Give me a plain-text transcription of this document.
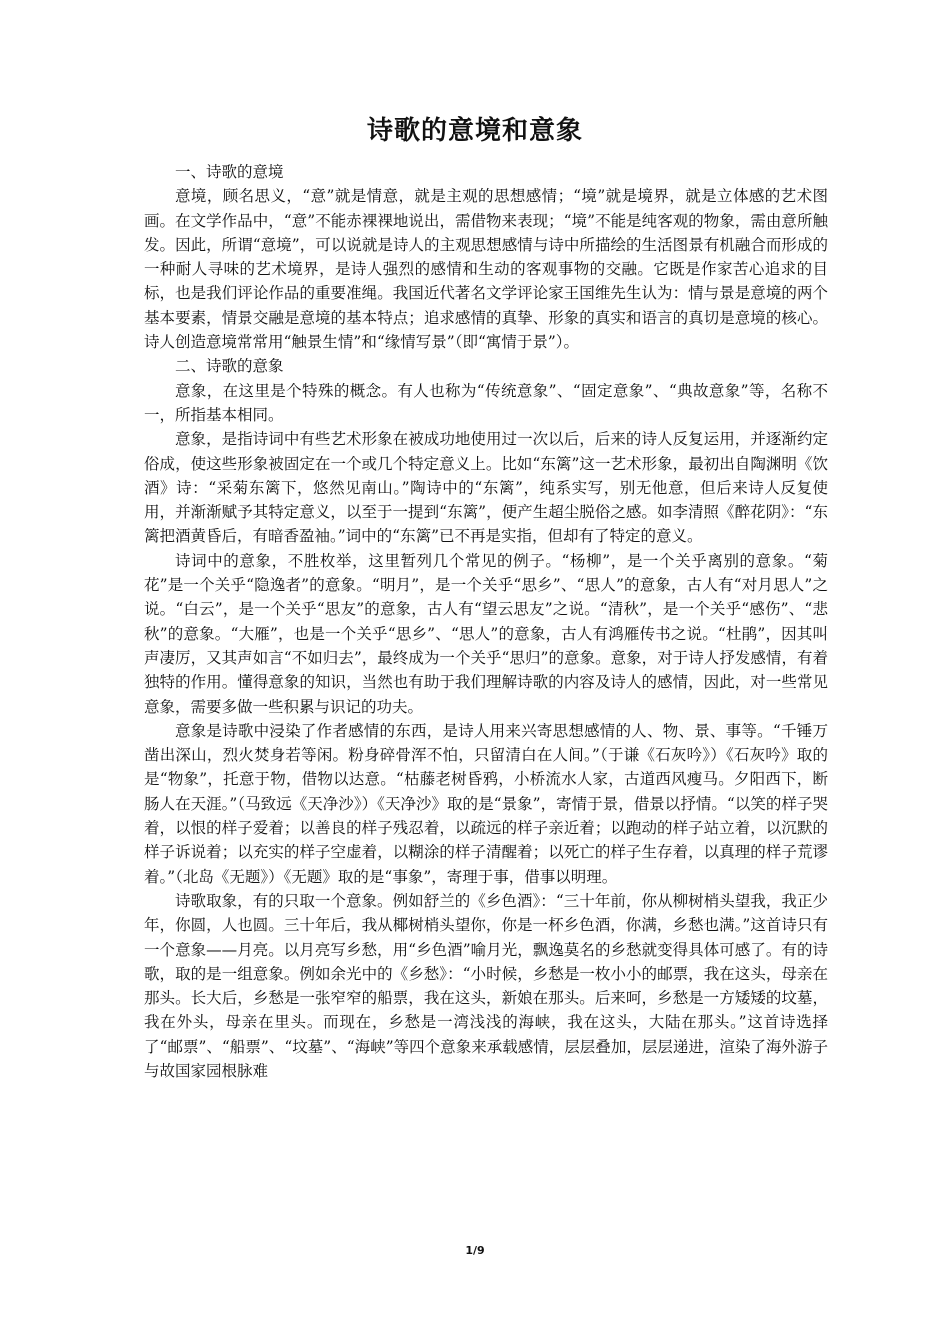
诗歌的意境和意象

一、诗歌的意境

意境，顾名思义，“意”就是情意，就是主观的思想感情；“境”就是境界，就是立体感的艺术图画。在文学作品中，“意”不能赤裸裸地说出，需借物来表现；“境”不能是纯客观的物象，需由意所触发。因此，所谓“意境”，可以说就是诗人的主观思想感情与诗中所描绘的生活图景有机融合而形成的一种耐人寻味的艺术境界，是诗人强烈的感情和生动的客观事物的交融。它既是作家苦心追求的目标，也是我们评论作品的重要准绳。我国近代著名文学评论家王国维先生认为：情与景是意境的两个基本要素，情景交融是意境的基本特点；追求感情的真挚、形象的真实和语言的真切是意境的核心。诗人创造意境常常用“触景生情”和“缘情写景”（即“寓情于景”）。

二、诗歌的意象

意象，在这里是个特殊的概念。有人也称为“传统意象”、“固定意象”、“典故意象”等，名称不一，所指基本相同。

意象，是指诗词中有些艺术形象在被成功地使用过一次以后，后来的诗人反复运用，并逐渐约定俗成，使这些形象被固定在一个或几个特定意义上。比如“东篱”这一艺术形象，最初出自陶渊明《饮酒》诗：“采菊东篱下，悠然见南山。”陶诗中的“东篱”，纯系实写，别无他意，但后来诗人反复使用，并渐渐赋予其特定意义，以至于一提到“东篱”，便产生超尘脱俗之感。如李清照《醉花阴》：“东篱把酒黄昏后，有暗香盈袖。”词中的“东篱”已不再是实指，但却有了特定的意义。

诗词中的意象，不胜枚举，这里暂列几个常见的例子。“杨柳”，是一个关乎离别的意象。“菊花”是一个关乎“隐逸者”的意象。“明月”，是一个关乎“思乡”、“思人”的意象，古人有“对月思人”之说。“白云”，是一个关乎“思友”的意象，古人有“望云思友”之说。“清秋”，是一个关乎“感伤”、“悲秋”的意象。“大雁”，也是一个关乎“思乡”、“思人”的意象，古人有鸿雁传书之说。“杜鹃”，因其叫声凄厉，又其声如言“不如归去”，最终成为一个关乎“思归”的意象。意象，对于诗人抒发感情，有着独特的作用。懂得意象的知识，当然也有助于我们理解诗歌的内容及诗人的感情，因此，对一些常见意象，需要多做一些积累与识记的功夫。

意象是诗歌中浸染了作者感情的东西，是诗人用来兴寄思想感情的人、物、景、事等。“千锤万凿出深山，烈火焚身若等闲。粉身碎骨浑不怕，只留清白在人间。”（于谦《石灰吟》）《石灰吟》取的是“物象”，托意于物，借物以达意。“枯藤老树昏鸦，小桥流水人家，古道西风瘦马。夕阳西下，断肠人在天涯。”（马致远《天净沙》）《天净沙》取的是“景象”，寄情于景，借景以抒情。“以笑的样子哭着，以恨的样子爱着；以善良的样子残忍着，以疏远的样子亲近着；以跑动的样子站立着，以沉默的样子诉说着；以充实的样子空虚着，以糊涂的样子清醒着；以死亡的样子生存着，以真理的样子荒谬着。”（北岛《无题》）《无题》取的是“事象”，寄理于事，借事以明理。

诗歌取象，有的只取一个意象。例如舒兰的《乡色酒》：“三十年前，你从柳树梢头望我，我正少年，你圆，人也圆。三十年后，我从椰树梢头望你，你是一杯乡色酒，你满，乡愁也满。”这首诗只有一个意象——月亮。以月亮写乡愁，用“乡色酒”喻月光，飘逸莫名的乡愁就变得具体可感了。有的诗歌，取的是一组意象。例如余光中的《乡愁》：“小时候，乡愁是一枚小小的邮票，我在这头，母亲在那头。长大后，乡愁是一张窄窄的船票，我在这头，新娘在那头。后来呵，乡愁是一方矮矮的坟墓，我在外头，母亲在里头。而现在，乡愁是一湾浅浅的海峡，我在这头，大陆在那头。”这首诗选择了“邮票”、“船票”、“坟墓”、“海峡”等四个意象来承载感情，层层叠加，层层递进，渲染了海外游子与故国家园根脉难

1/9
